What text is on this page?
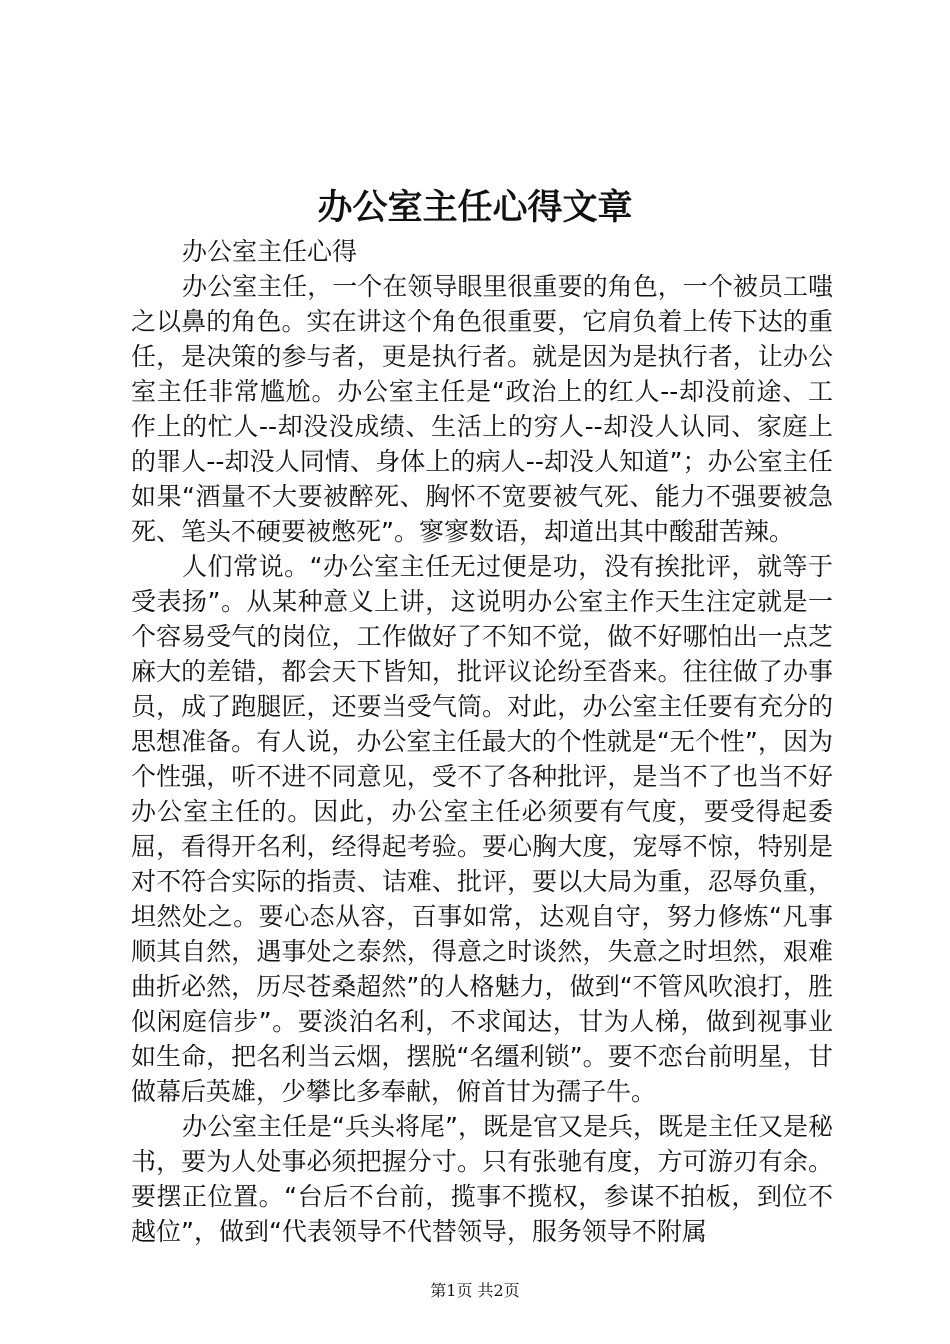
办公室主任心得文章

办公室主任心得

办公室主任，一个在领导眼里很重要的角色，一个被员工嗤之以鼻的角色。实在讲这个角色很重要，它肩负着上传下达的重任，是决策的参与者，更是执行者。就是因为是执行者，让办公室主任非常尴尬。办公室主任是“政治上的红人--却没前途、工作上的忙人--却没没成绩、生活上的穷人--却没人认同、家庭上的罪人--却没人同情、身体上的病人--却没人知道”；办公室主任如果“酒量不大要被醉死、胸怀不宽要被气死、能力不强要被急死、笔头不硬要被憋死”。寥寥数语，却道出其中酸甜苦辣。

人们常说。“办公室主任无过便是功，没有挨批评，就等于受表扬”。从某种意义上讲，这说明办公室主作天生注定就是一个容易受气的岗位，工作做好了不知不觉，做不好哪怕出一点芝麻大的差错，都会天下皆知，批评议论纷至沓来。往往做了办事员，成了跑腿匠，还要当受气筒。对此，办公室主任要有充分的思想准备。有人说，办公室主任最大的个性就是“无个性”，因为个性强，听不进不同意见，受不了各种批评，是当不了也当不好办公室主任的。因此，办公室主任必须要有气度，要受得起委屈，看得开名利，经得起考验。要心胸大度，宠辱不惊，特别是对不符合实际的指责、诘难、批评，要以大局为重，忍辱负重，坦然处之。要心态从容，百事如常，达观自守，努力修炼“凡事顺其自然，遇事处之泰然，得意之时谈然，失意之时坦然，艰难曲折必然，历尽苍桑超然”的人格魅力，做到“不管风吹浪打，胜似闲庭信步”。要淡泊名利，不求闻达，甘为人梯，做到视事业如生命，把名利当云烟，摆脱“名缰利锁”。要不恋台前明星，甘做幕后英雄，少攀比多奉献，俯首甘为孺子牛。

办公室主任是“兵头将尾”，既是官又是兵，既是主任又是秘书，要为人处事必须把握分寸。只有张驰有度，方可游刃有余。要摆正位置。“台后不台前，揽事不揽权，参谋不拍板，到位不越位”，做到“代表领导不代替领导，服务领导不附属

第1页 共2页
